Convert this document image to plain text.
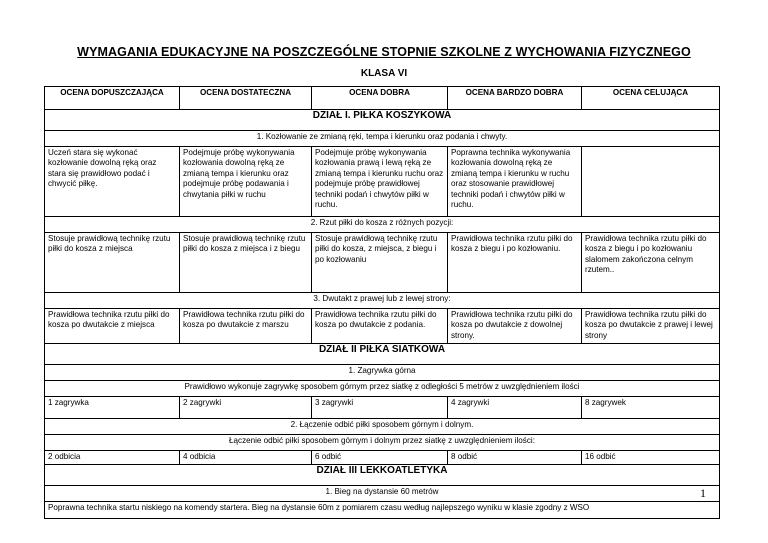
WYMAGANIA EDUKACYJNE NA POSZCZEGÓLNE STOPNIE SZKOLNE Z WYCHOWANIA FIZYCZNEGO
KLASA VI
OCENA DOPUSZCZAJĄCA	OCENA DOSTATECZNA	OCENA DOBRA	OCENA BARDZO DOBRA	OCENA CELUJĄCA
DZIAŁ I. PIŁKA KOSZYKOWA				
1. Kozłowanie ze zmianą ręki, tempa i kierunku oraz podania i chwyty.				
Uczeń stara się wykonać kozłowanie dowolną ręką oraz stara się prawidłowo podać i chwycić piłkę.	Podejmuje próbę wykonywania kozłowania dowolną ręką ze zmianą tempa i kierunku oraz podejmuje próbę podawania i chwytania piłki w ruchu	Podejmuje próbę wykonywania kozłowania prawą i lewą ręką ze zmianą tempa i kierunku ruchu oraz podejmuje próbę prawidłowej techniki podań i chwytów piłki w ruchu.	Poprawna technika wykonywania kozłowania dowolną ręką ze zmianą tempa i kierunku w ruchu oraz stosowanie prawidłowej techniki podań i chwytów piłki w ruchu.	
2. Rzut piłki do kosza z różnych pozycji:				
Stosuje prawidłową technikę rzutu piłki do kosza z miejsca	Stosuje prawidłową technikę rzutu piłki do kosza z miejsca i z biegu	Stosuje prawidłową technikę rzutu piłki do kosza, z miejsca, z biegu i po kozłowaniu	Prawidłowa technika rzutu piłki do kosza z biegu i po kozłowaniu.	Prawidłowa technika rzutu piłki do kosza z biegu i po kozłowaniu slalomem zakończona celnym rzutem..
3. Dwutakt z prawej lub z lewej strony:				
Prawidłowa technika rzutu piłki do kosza po dwutakcie z miejsca	Prawidłowa technika rzutu piłki do kosza po dwutakcie z marszu	Prawidłowa technika rzutu piłki do kosza po dwutakcie z podania.	Prawidłowa technika rzutu piłki do kosza po dwutakcie z dowolnej strony.	Prawidłowa technika rzutu piłki do kosza po dwutakcie z prawej i lewej strony
DZIAŁ II PIŁKA SIATKOWA				
1. Zagrywka górna				
Prawidłowo wykonuje zagrywkę sposobem górnym przez siatkę z odległości 5 metrów z uwzględnieniem ilości				
1 zagrywka	2 zagrywki	3 zagrywki	4 zagrywki	8 zagrywek
2. Łączenie odbić piłki sposobem górnym i dolnym.				
Łączenie odbić piłki sposobem górnym i dolnym przez siatkę z uwzględnieniem ilości:				
2 odbicia	4 odbicia	6 odbić	8 odbić	16 odbić
DZIAŁ III LEKKOATLETYKA				
1. Bieg na dystansie 60 metrów				
Poprawna technika startu niskiego na komendy startera. Bieg na dystansie 60m z pomiarem czasu według najlepszego wyniku w klasie zgodny z WSO				
1
